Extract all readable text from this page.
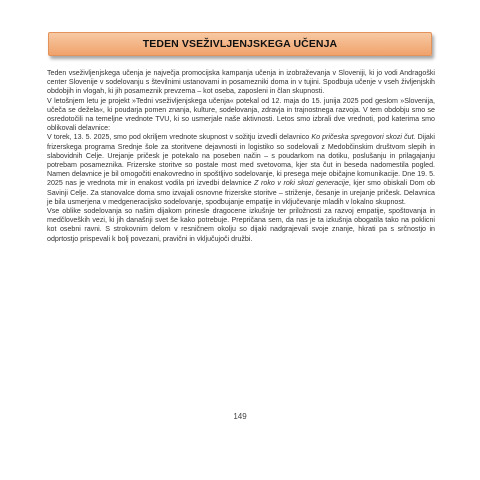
TEDEN VSEŽIVLJENJSKEGA UČENJA

Teden vseživljenjskega učenja je največja promocijska kampanja učenja in izobraževanja v Sloveniji, ki jo vodi Andragoški center Slovenije v sodelovanju s številnimi ustanovami in posamezniki doma in v tujini. Spodbuja učenje v vseh življenjskih obdobjih in vlogah, ki jih posameznik prevzema – kot oseba, zaposleni in član skupnosti.

V letošnjem letu je projekt »Tedni vseživljenjskega učenja« potekal od 12. maja do 15. junija 2025 pod geslom »Slovenija, učeča se dežela«, ki poudarja pomen znanja, kulture, sodelovanja, zdravja in trajnostnega razvoja. V tem obdobju smo se osredotočili na temeljne vrednote TVU, ki so usmerjale naše aktivnosti. Letos smo izbrali dve vrednoti, pod katerima smo oblikovali delavnice:

V torek, 13. 5. 2025, smo pod okriljem vrednote skupnost v sožitju izvedli delavnico Ko pričeska spregovori skozi čut. Dijaki frizerskega programa Srednje šole za storitvene dejavnosti in logistiko so sodelovali z Medobčinskim društvom slepih in slabovidnih Celje. Urejanje pričesk je potekalo na poseben način – s poudarkom na dotiku, poslušanju in prilagajanju potrebam posameznika. Frizerske storitve so postale most med svetovoma, kjer sta čut in beseda nadomestila pogled. Namen delavnice je bil omogočiti enakovredno in spoštljivo sodelovanje, ki presega meje običajne komunikacije. Dne 19. 5. 2025 nas je vrednota mir in enakost vodila pri izvedbi delavnice Z roko v roki skozi generacije, kjer smo obiskali Dom ob Savinji Celje. Za stanovalce doma smo izvajali osnovne frizerske storitve – striženje, česanje in urejanje pričesk. Delavnica je bila usmerjena v medgeneracijsko sodelovanje, spodbujanje empatije in vključevanje mladih v lokalno skupnost.

Vse oblike sodelovanja so našim dijakom prinesle dragocene izkušnje ter priložnosti za razvoj empatije, spoštovanja in medčloveških vezi, ki jih današnji svet še kako potrebuje. Prepričana sem, da nas je ta izkušnja obogatila tako na poklicni kot osebni ravni. S strokovnim delom v resničnem okolju so dijaki nadgrajevali svoje znanje, hkrati pa s srčnostjo in odprtostjo prispevali k bolj povezani, pravični in vključujoči družbi.

149
